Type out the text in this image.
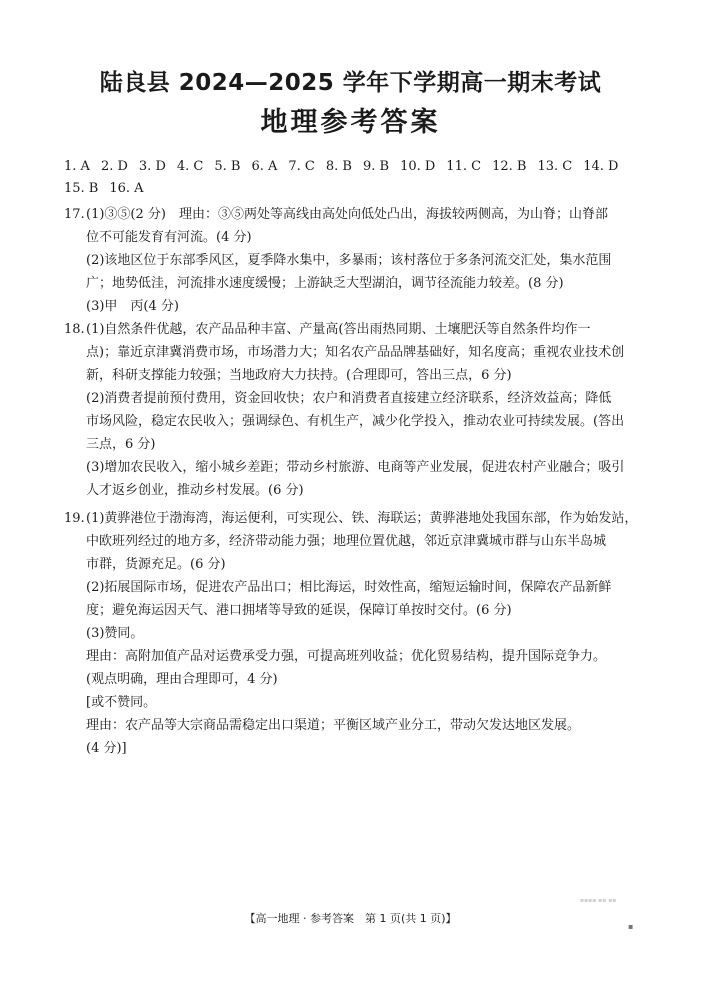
陆良县 2024—2025 学年下学期高一期末考试
地理参考答案
1. A 2. D 3. D 4. C 5. B 6. A 7. C 8. B 9. B 10. D 11. C 12. B 13. C 14. D
15. B 16. A
17. (1)③⑤(2 分)　理由：③⑤两处等高线由高处向低处凸出，海拔较两侧高，为山脊；山脊部
位不可能发育有河流。(4 分)
(2)该地区位于东部季风区，夏季降水集中，多暴雨；该村落位于多条河流交汇处，集水范围
广；地势低洼，河流排水速度缓慢；上游缺乏大型湖泊，调节径流能力较差。(8 分)
(3)甲　丙(4 分)
18. (1)自然条件优越，农产品品种丰富、产量高(答出雨热同期、土壤肥沃等自然条件均作一
点)；靠近京津冀消费市场，市场潜力大；知名农产品品牌基础好，知名度高；重视农业技术创
新，科研支撑能力较强；当地政府大力扶持。(合理即可，答出三点，6 分)
(2)消费者提前预付费用，资金回收快；农户和消费者直接建立经济联系，经济效益高；降低
市场风险，稳定农民收入；强调绿色、有机生产，减少化学投入，推动农业可持续发展。(答出
三点，6 分)
(3)增加农民收入，缩小城乡差距；带动乡村旅游、电商等产业发展，促进农村产业融合；吸引
人才返乡创业，推动乡村发展。(6 分)
19. (1)黄骅港位于渤海湾，海运便利，可实现公、铁、海联运；黄骅港地处我国东部，作为始发站，
中欧班列经过的地方多，经济带动能力强；地理位置优越，邻近京津冀城市群与山东半岛城
市群，货源充足。(6 分)
(2)拓展国际市场，促进农产品出口；相比海运，时效性高，缩短运输时间，保障农产品新鲜
度；避免海运因天气、港口拥堵等导致的延误，保障订单按时交付。(6 分)
(3)赞同。
理由：高附加值产品对运费承受力强，可提高班列收益；优化贸易结构，提升国际竞争力。
(观点明确，理由合理即可，4 分)
[或不赞同。
理由：农产品等大宗商品需稳定出口渠道；平衡区域产业分工，带动欠发达地区发展。
(4 分)]
▪▪▪▪ ▪▪ ▪▪
【高一地理 · 参考答案　第 1 页(共 1 页)】
▪
